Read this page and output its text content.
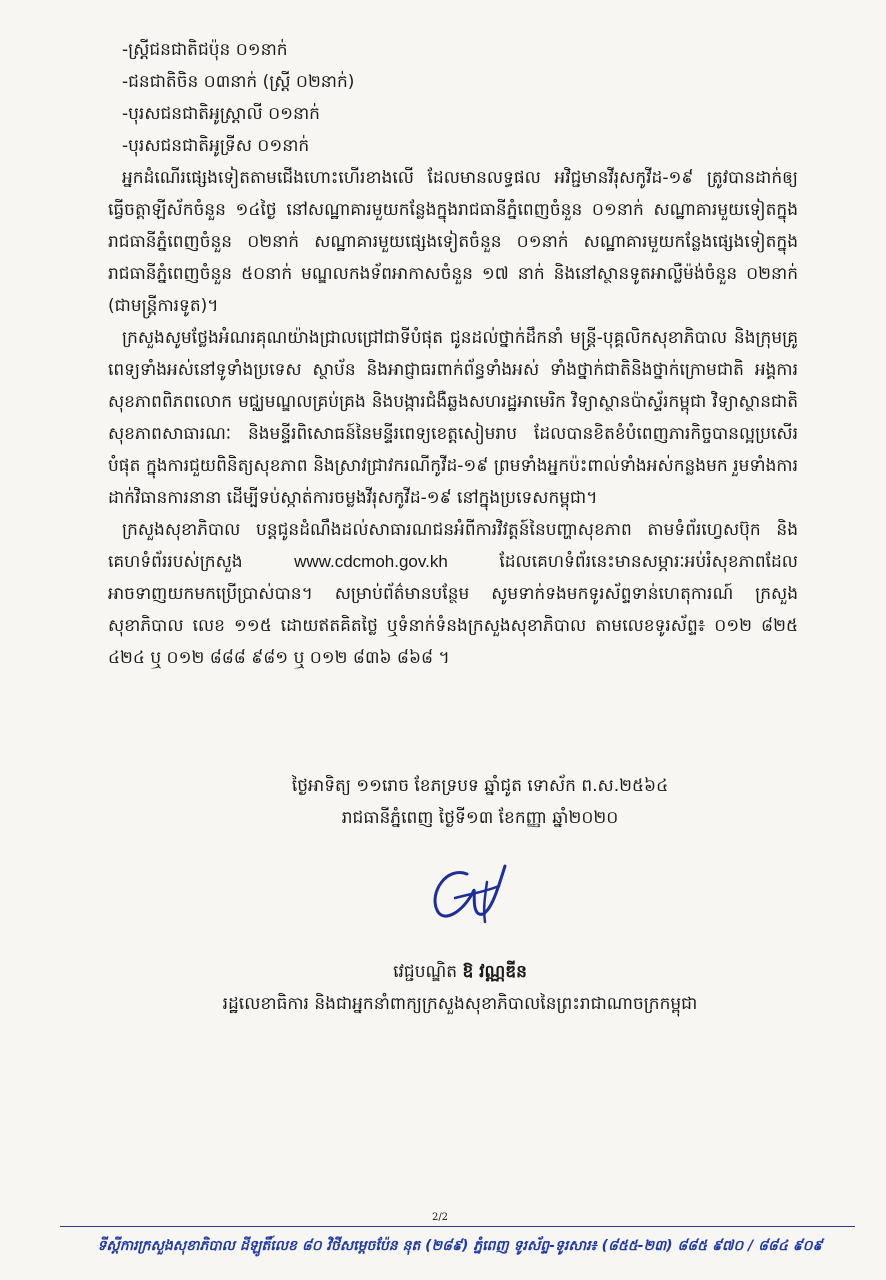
-ស្ត្រីជនជាតិជប៉ុន ០១នាក់

-ជនជាតិចិន ០៣នាក់ (ស្ត្រី ០២នាក់)

-បុរសជនជាតិអូស្ត្រាលី ០១នាក់

-បុរសជនជាតិអូទ្រីស ០១នាក់

អ្នកដំណើរផ្សេងទៀតតាមជើងហោះហើរខាងលើ ដែលមានលទ្ធផល អវិជ្ជមានវីរុសកូវីដ-១៩ ត្រូវបានដាក់ឲ្យធ្វើចត្តាឡីស័កចំនួន ១៤ថ្ងៃ នៅសណ្ឋាគារមួយកន្លែងក្នុងរាជធានីភ្នំពេញចំនួន ០១នាក់ សណ្ឋាគារមួយទៀតក្នុងរាជធានីភ្នំពេញចំនួន ០២នាក់ សណ្ឋាគារមួយផ្សេងទៀតចំនួន ០១នាក់ សណ្ឋាគារមួយកន្លែងផ្សេងទៀតក្នុងរាជធានីភ្នំពេញចំនួន ៥០នាក់ មណ្ឌលកងទ័ពអាកាសចំនួន ១៧ នាក់ និងនៅស្ថានទូតអាល្លឺម៉ង់ចំនួន ០២នាក់ (ជាមន្ត្រីការទូត)។

ក្រសួងសូមថ្លែងអំណរគុណយ៉ាងជ្រាលជ្រៅជាទីបំផុត ជូនដល់ថ្នាក់ដឹកនាំ មន្ត្រី-បុគ្គលិកសុខាភិបាល និងក្រុមគ្រូពេទ្យទាំងអស់នៅទូទាំងប្រទេស ស្ថាប័ន និងអាជ្ញាធរពាក់ព័ន្ធទាំងអស់ ទាំងថ្នាក់ជាតិនិងថ្នាក់ក្រោមជាតិ អង្គការសុខភាពពិភពលោក មជ្ឈមណ្ឌលគ្រប់គ្រង និងបង្ការជំងឺឆ្លងសហរដ្ឋអាមេរិក វិទ្យាស្ថានប៉ាស្ទ័រកម្ពុជា វិទ្យាស្ថានជាតិសុខភាពសាធារណៈ និងមន្ទីរពិសោធន៍នៃមន្ទីរពេទ្យខេត្តសៀមរាប ដែលបានខិតខំបំពេញភារកិច្ចបានល្អប្រសើរបំផុត ក្នុងការជួយពិនិត្យសុខភាព និងស្រាវជ្រាវករណីកូវីដ-១៩ ព្រមទាំងអ្នកប៉ះពាល់ទាំងអស់កន្លងមក រួមទាំងការដាក់វិធានការនានា ដើម្បីទប់ស្កាត់ការចម្លងវីរុសកូវីដ-១៩ នៅក្នុងប្រទេសកម្ពុជា។

ក្រសួងសុខាភិបាល បន្តជូនដំណឹងដល់សាធារណជនអំពីការវិវត្តន៍នៃបញ្ហាសុខភាព តាមទំព័រហ្វេសប៊ុក និងគេហទំព័ររបស់ក្រសួង www.cdcmoh.gov.kh ដែលគេហទំព័រនេះមានសម្ភារៈអប់រំសុខភាពដែលអាចទាញយកមកប្រើប្រាស់បាន។ សម្រាប់ព័ត៌មានបន្ថែម សូមទាក់ទងមកទូរស័ព្ទទាន់ហេតុការណ៍ ក្រសួងសុខាភិបាល លេខ ១១៥ ដោយឥតគិតថ្លៃ ឬទំនាក់ទំនងក្រសួងសុខាភិបាល តាមលេខទូរស័ព្ទ៖ ០១២ ៨២៥ ៤២៤ ឬ ០១២ ៨៨៨ ៩៨១ ឬ ០១២ ៨៣៦ ៨៦៨ ។

ថ្ងៃអាទិត្យ ១១រោច ខែភទ្របទ ឆ្នាំជូត ទោស័ក ព.ស.២៥៦៤
រាជធានីភ្នំពេញ ថ្ងៃទី១៣ ខែកញ្ញា ឆ្នាំ២០២០
វេជ្ជបណ្ឌិត ឱ វណ្ណឌីន
រដ្ឋលេខាធិការ និងជាអ្នកនាំពាក្យក្រសួងសុខាភិបាលនៃព្រះរាជាណាចក្រកម្ពុជា
2/2
ទីស្តីការក្រសួងសុខាភិបាល ដីឡូតិ៍លេខ ៨០ វិថីសម្តេចប៉ែន នុត (២៨៩) ភ្នំពេញ ទូរស័ព្ទ-ទូរសារ៖ (៨៥៥-២៣) ៨៨៥ ៩៧០ / ៨៨៤ ៩០៩
